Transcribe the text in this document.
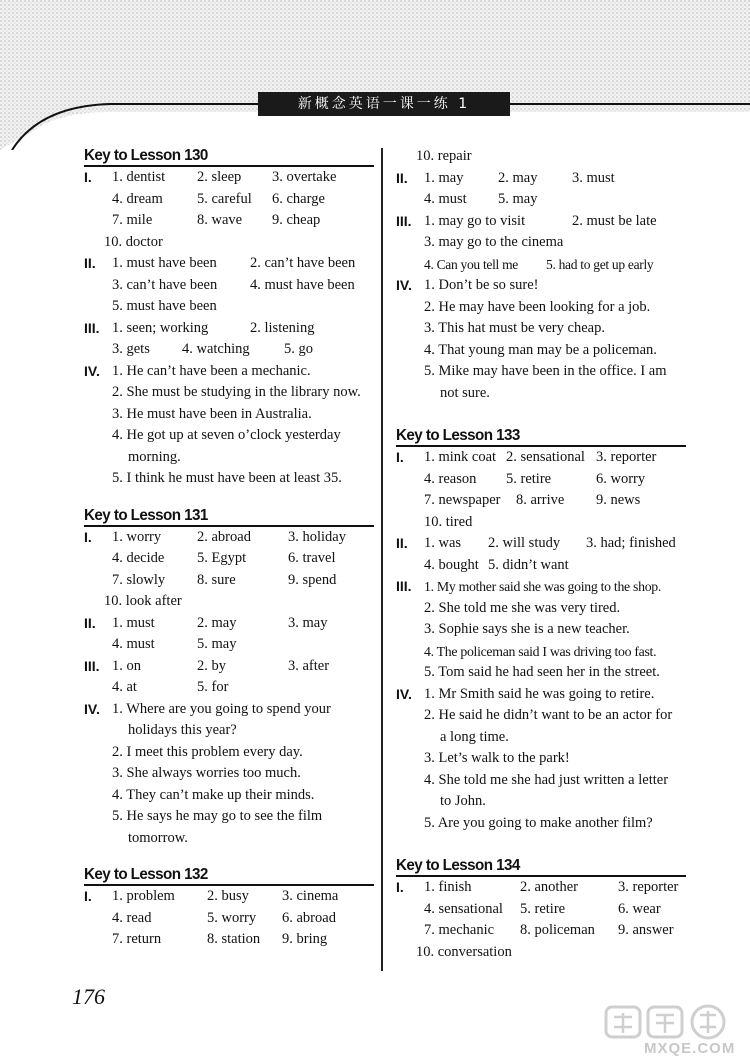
新概念英语一课一练 1
Key to Lesson 130
I. 1. dentist 2. sleep 3. overtake
4. dream 5. careful 6. charge
7. mile	8. wave 9. cheap
10. doctor
II. 1. must have been 2. can’t have been
3. can’t have been 4. must have been
5. must have been
III. 1. seen; working	2. listening
3. gets 4. watching 5. go
IV. 1. He can’t have been a mechanic.
2. She must be studying in the library now.
3. He must have been in Australia.
4. He got up at seven o’clock yesterday
morning.
5. I think he must have been at least 35.
Key to Lesson 131
I. 1. worry 2. abroad	3. holiday
4. decide 5. Egypt	6. travel
7. slowly 8. sure	9. spend
10. look after
II. 1. must	2. may	3. may
4. must	5. may
III. 1. on	2. by	3. after
4. at	5. for
IV. 1. Where are you going to spend your
holidays this year?
2. I meet this problem every day.
3. She always worries too much.
4. They can’t make up their minds.
5. He says he may go to see the film
tomorrow.
Key to Lesson 132
I. 1. problem 2. busy 3. cinema
4. read	5. worry 6. abroad
7. return	8. station 9. bring
10. repair
II. 1. may 2. may 3. must
4. must 5. may
III. 1. may go to visit	2. must be late
3. may go to the cinema
4. Can you tell me 5. had to get up early
IV. 1. Don’t be so sure!
2. He may have been looking for a job.
3. This hat must be very cheap.
4. That young man may be a policeman.
5. Mike may have been in the office. I am
not sure.
Key to Lesson 133
I. 1. mink coat 2. sensational 3. reporter
4. reason 5. retire	6. worry
7. newspaper 8. arrive 9. news
10. tired
II. 1. was 2. will study 3. had; finished
4. bought 5. didn’t want
III. 1. My mother said she was going to the shop.
2. She told me she was very tired.
3. Sophie says she is a new teacher.
4. The policeman said I was driving too fast.
5. Tom said he had seen her in the street.
IV. 1. Mr Smith said he was going to retire.
2. He said he didn’t want to be an actor for
a long time.
3. Let’s walk to the park!
4. She told me she had just written a letter
to John.
5. Are you going to make another film?
Key to Lesson 134
I. 1. finish	2. another	3. reporter
4. sensational 5. retire	6. wear
7. mechanic 8. policeman 9. answer
10. conversation
176
MXQE.COM
